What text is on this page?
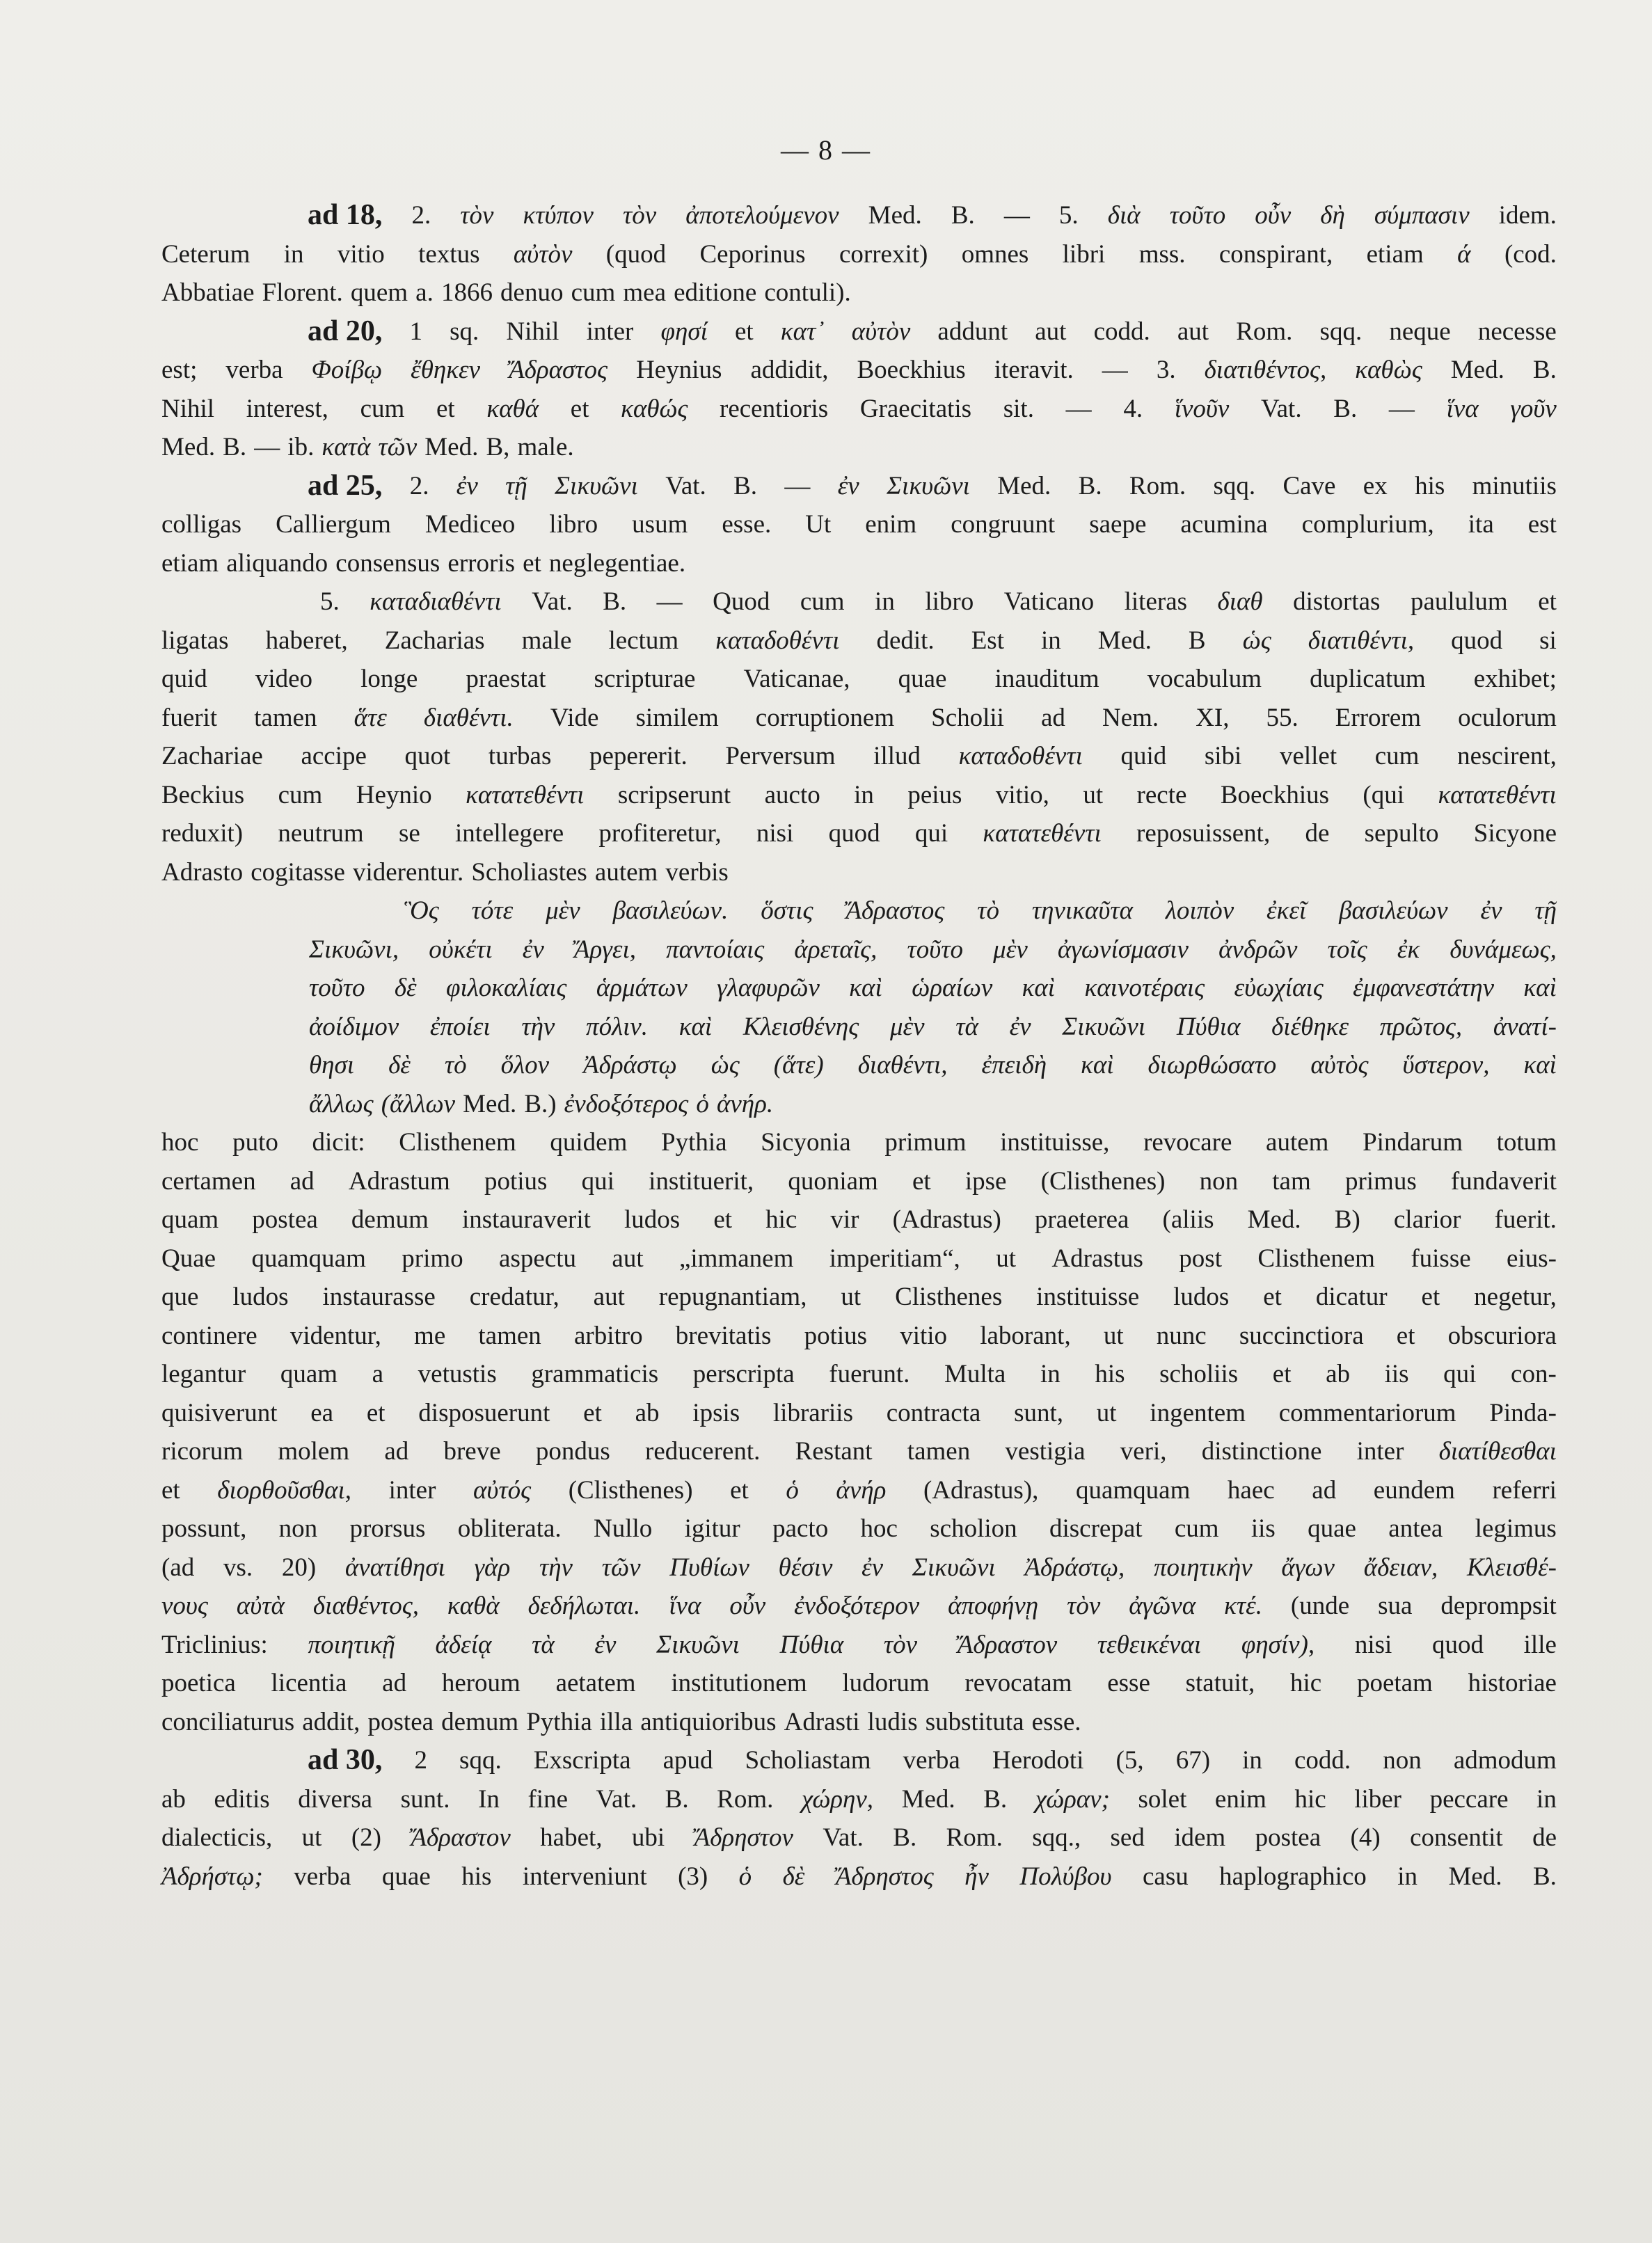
— 8 —
ad 18, 2. τὸν κτύπον τὸν ἀποτελούμενον Med. B. — 5. διὰ τοῦτο οὖν δὴ σύμπασιν idem.
Ceterum in vitio textus αὐτὸν (quod Ceporinus correxit) omnes libri mss. conspirant, etiam ά (cod.
Abbatiae Florent. quem a. 1866 denuo cum mea editione contuli).
ad 20, 1 sq. Nihil inter φησί et κατ᾽ αὐτὸν addunt aut codd. aut Rom. sqq. neque necesse
est; verba Φοίβῳ ἔθηκεν Ἄδραστος Heynius addidit, Boeckhius iteravit. — 3. διατιθέντος, καθὼς Med. B.
Nihil interest, cum et καθά et καθώς recentioris Graecitatis sit. — 4. ἵνοῦν Vat. B. — ἵνα γοῦν
Med. B. — ib. κατὰ τῶν Med. B, male.
ad 25, 2. ἐν τῇ Σικυῶνι Vat. B. — ἐν Σικυῶνι Med. B. Rom. sqq. Cave ex his minutiis
colligas Calliergum Mediceo libro usum esse. Ut enim congruunt saepe acumina complurium, ita est
etiam aliquando consensus erroris et neglegentiae.
5. καταδιαθέντι Vat. B. — Quod cum in libro Vaticano literas διαθ distortas paululum et
ligatas haberet, Zacharias male lectum καταδοθέντι dedit. Est in Med. B ὡς διατιθέντι, quod si
quid video longe praestat scripturae Vaticanae, quae inauditum vocabulum duplicatum exhibet;
fuerit tamen ἅτε διαθέντι. Vide similem corruptionem Scholii ad Nem. XI, 55. Errorem oculorum
Zachariae accipe quot turbas pepererit. Perversum illud καταδοθέντι quid sibi vellet cum nescirent,
Beckius cum Heynio κατατεθέντι scripserunt aucto in peius vitio, ut recte Boeckhius (qui κατατεθέντι
reduxit) neutrum se intellegere profiteretur, nisi quod qui κατατεθέντι reposuissent, de sepulto Sicyone
Adrasto cogitasse viderentur. Scholiastes autem verbis
Ὃς τότε μὲν βασιλεύων. ὅστις Ἄδραστος τὸ τηνικαῦτα λοιπὸν ἐκεῖ βασιλεύων ἐν τῇ
Σικυῶνι, οὐκέτι ἐν Ἄργει, παντοίαις ἀρεταῖς, τοῦτο μὲν ἀγωνίσμασιν ἀνδρῶν τοῖς ἐκ δυνάμεως,
τοῦτο δὲ φιλοκαλίαις ἁρμάτων γλαφυρῶν καὶ ὡραίων καὶ καινοτέραις εὐωχίαις ἐμφανεστάτην καὶ
ἀοίδιμον ἐποίει τὴν πόλιν. καὶ Κλεισθένης μὲν τὰ ἐν Σικυῶνι Πύθια διέθηκε πρῶτος, ἀνατί-
θησι δὲ τὸ ὅλον Ἀδράστῳ ὡς (ἅτε) διαθέντι, ἐπειδὴ καὶ διωρθώσατο αὐτὸς ὕστερον, καὶ
ἄλλως (ἄλλων Med. B.) ἐνδοξότερος ὁ ἀνήρ.
hoc puto dicit: Clisthenem quidem Pythia Sicyonia primum instituisse, revocare autem Pindarum totum
certamen ad Adrastum potius qui instituerit, quoniam et ipse (Clisthenes) non tam primus fundaverit
quam postea demum instauraverit ludos et hic vir (Adrastus) praeterea (aliis Med. B) clarior fuerit.
Quae quamquam primo aspectu aut „immanem imperitiam“, ut Adrastus post Clisthenem fuisse eius-
que ludos instaurasse credatur, aut repugnantiam, ut Clisthenes instituisse ludos et dicatur et negetur,
continere videntur, me tamen arbitro brevitatis potius vitio laborant, ut nunc succinctiora et obscuriora
legantur quam a vetustis grammaticis perscripta fuerunt. Multa in his scholiis et ab iis qui con-
quisiverunt ea et disposuerunt et ab ipsis librariis contracta sunt, ut ingentem commentariorum Pinda-
ricorum molem ad breve pondus reducerent. Restant tamen vestigia veri, distinctione inter διατίθεσθαι
et διορθοῦσθαι, inter αὐτός (Clisthenes) et ὁ ἀνήρ (Adrastus), quamquam haec ad eundem referri
possunt, non prorsus obliterata. Nullo igitur pacto hoc scholion discrepat cum iis quae antea legimus
(ad vs. 20) ἀνατίθησι γὰρ τὴν τῶν Πυθίων θέσιν ἐν Σικυῶνι Ἀδράστῳ, ποιητικὴν ἄγων ἄδειαν, Κλεισθέ-
νους αὐτὰ διαθέντος, καθὰ δεδήλωται. ἵνα οὖν ἐνδοξότερον ἀποφήνῃ τὸν ἀγῶνα κτέ. (unde sua deprompsit
Triclinius: ποιητικῇ ἀδείᾳ τὰ ἐν Σικυῶνι Πύθια τὸν Ἄδραστον τεθεικέναι φησίν), nisi quod ille
poetica licentia ad heroum aetatem institutionem ludorum revocatam esse statuit, hic poetam historiae
conciliaturus addit, postea demum Pythia illa antiquioribus Adrasti ludis substituta esse.
ad 30, 2 sqq. Exscripta apud Scholiastam verba Herodoti (5, 67) in codd. non admodum
ab editis diversa sunt. In fine Vat. B. Rom. χώρην, Med. B. χώραν; solet enim hic liber peccare in
dialecticis, ut (2) Ἄδραστον habet, ubi Ἄδρηστον Vat. B. Rom. sqq., sed idem postea (4) consentit de
Ἀδρήστῳ; verba quae his interveniunt (3) ὁ δὲ Ἄδρηστος ἦν Πολύβου casu haplographico in Med. B.
